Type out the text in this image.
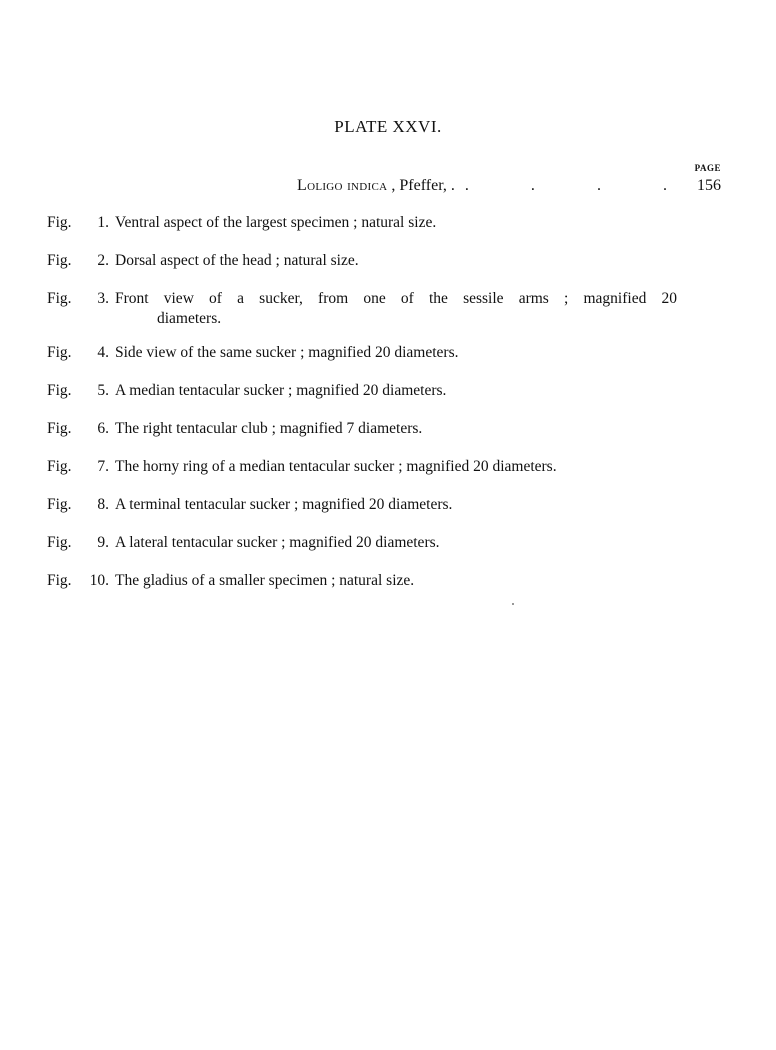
PLATE XXVI.
PAGE
Loligo indica , Pfeffer, . .	.	.	.	156
Fig.	1. Ventral aspect of the largest specimen ; natural size.
Fig.	2. Dorsal aspect of the head ; natural size.
Fig.	3. Front view of a sucker, from one of the sessile arms ; magnified 20
diameters.
Fig.	4. Side view of the same sucker ; magnified 20 diameters.
Fig.	5. A median tentacular sucker ; magnified 20 diameters.
Fig.	6. The right tentacular club ; magnified 7 diameters.
Fig.	7. The horny ring of a median tentacular sucker ; magnified 20 diameters.
Fig.	8. A terminal tentacular sucker ; magnified 20 diameters.
Fig.	9. A lateral tentacular sucker ; magnified 20 diameters.
Fig.	10. The gladius of a smaller specimen ; natural size.
